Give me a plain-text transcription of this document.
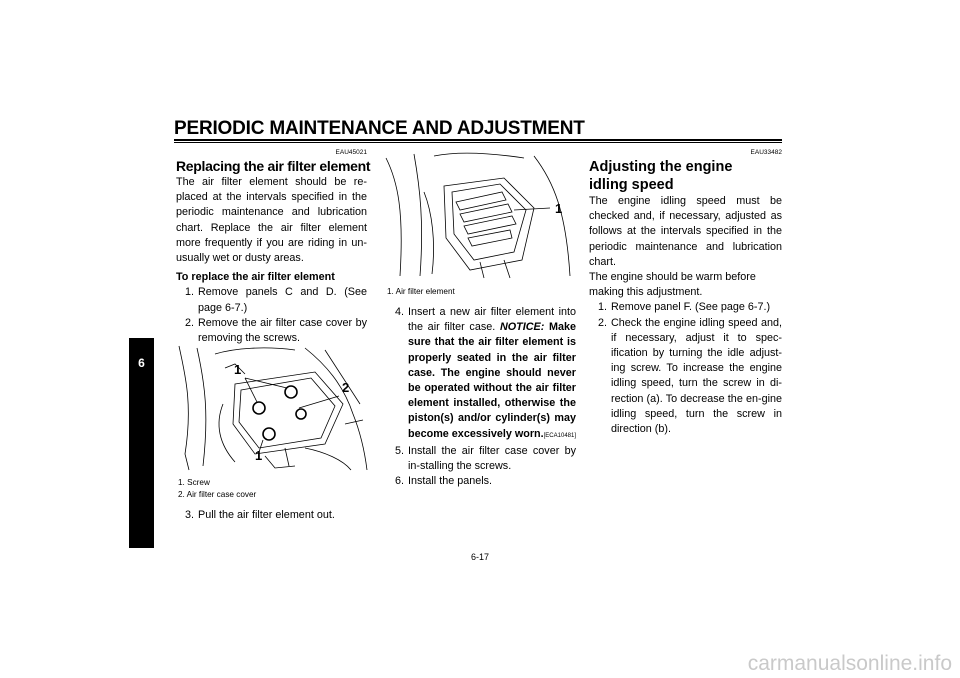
PERIODIC MAINTENANCE AND ADJUSTMENT
6
EAU45021
Replacing the air filter element
The air filter element should be re-placed at the intervals specified in the periodic maintenance and lubrication chart. Replace the air filter element more frequently if you are riding in un-usually wet or dusty areas.
To replace the air filter element
1. Remove panels C and D. (See page 6-7.)
2. Remove the air filter case cover by removing the screws.
1
2
1
1. Screw
2. Air filter case cover
3. Pull the air filter element out.
1
1. Air filter element
4. Insert a new air filter element into the air filter case. NOTICE: Make sure that the air filter element is properly seated in the air filter case. The engine should never be operated without the air filter element installed, otherwise the piston(s) and/or cylinder(s) may become excessively worn.[ECA10481]
5. Install the air filter case cover by in-stalling the screws.
6. Install the panels.
EAU33482
Adjusting the engine idling speed
The engine idling speed must be checked and, if necessary, adjusted as follows at the intervals specified in the periodic maintenance and lubrication chart.
The engine should be warm before making this adjustment.
1. Remove panel F. (See page 6-7.)
2. Check the engine idling speed and, if necessary, adjust it to spec-ification by turning the idle adjust-ing screw. To increase the engine idling speed, turn the screw in di-rection (a). To decrease the en-gine idling speed, turn the screw in direction (b).
6-17
carmanualsonline.info
